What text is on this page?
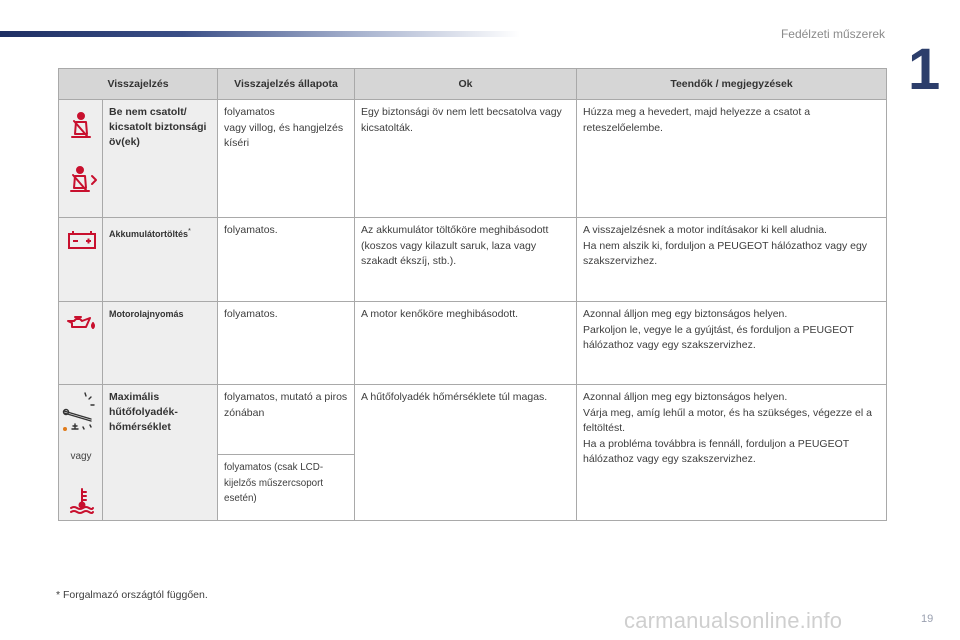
Fedélzeti műszerek
1
Visszajelzés		Visszajelzés állapota	Ok	Teendők / megjegyzések

	Be nem csatolt/ kicsatolt biztonsági öv(ek)	folyamatos
vagy villog, és hangjelzés kíséri	Egy biztonsági öv nem lett becsatolva vagy kicsatolták.	Húzza meg a hevedert, majd helyezze a csatot a reteszelőelembe.

	Akkumulátortöltés*	folyamatos.	Az akkumulátor töltőköre meghibásodott (koszos vagy kilazult saruk, laza vagy szakadt ékszíj, stb.).	A visszajelzésnek a motor indításakor ki kell aludnia.
Ha nem alszik ki, forduljon a PEUGEOT hálózathoz vagy egy szakszervizhez.

	Motorolajnyomás	folyamatos.	A motor kenőköre meghibásodott.	Azonnal álljon meg egy biztonságos helyen.
Parkoljon le, vegye le a gyújtást, és forduljon a PEUGEOT hálózathoz vagy egy szakszervizhez.

vagy	Maximális hűtőfolyadék-hőmérséklet	folyamatos, mutató a piros zónában	A hűtőfolyadék hőmérséklete túl magas.	Azonnal álljon meg egy biztonságos helyen.
Várja meg, amíg lehűl a motor, és ha szükséges, végezze el a feltöltést.
Ha a probléma továbbra is fennáll, forduljon a PEUGEOT hálózathoz vagy egy szakszervizhez.
		folyamatos (csak LCD-kijelzős műszercsoport esetén)		
* Forgalmazó országtól függően.
carmanualsonline.info	19
